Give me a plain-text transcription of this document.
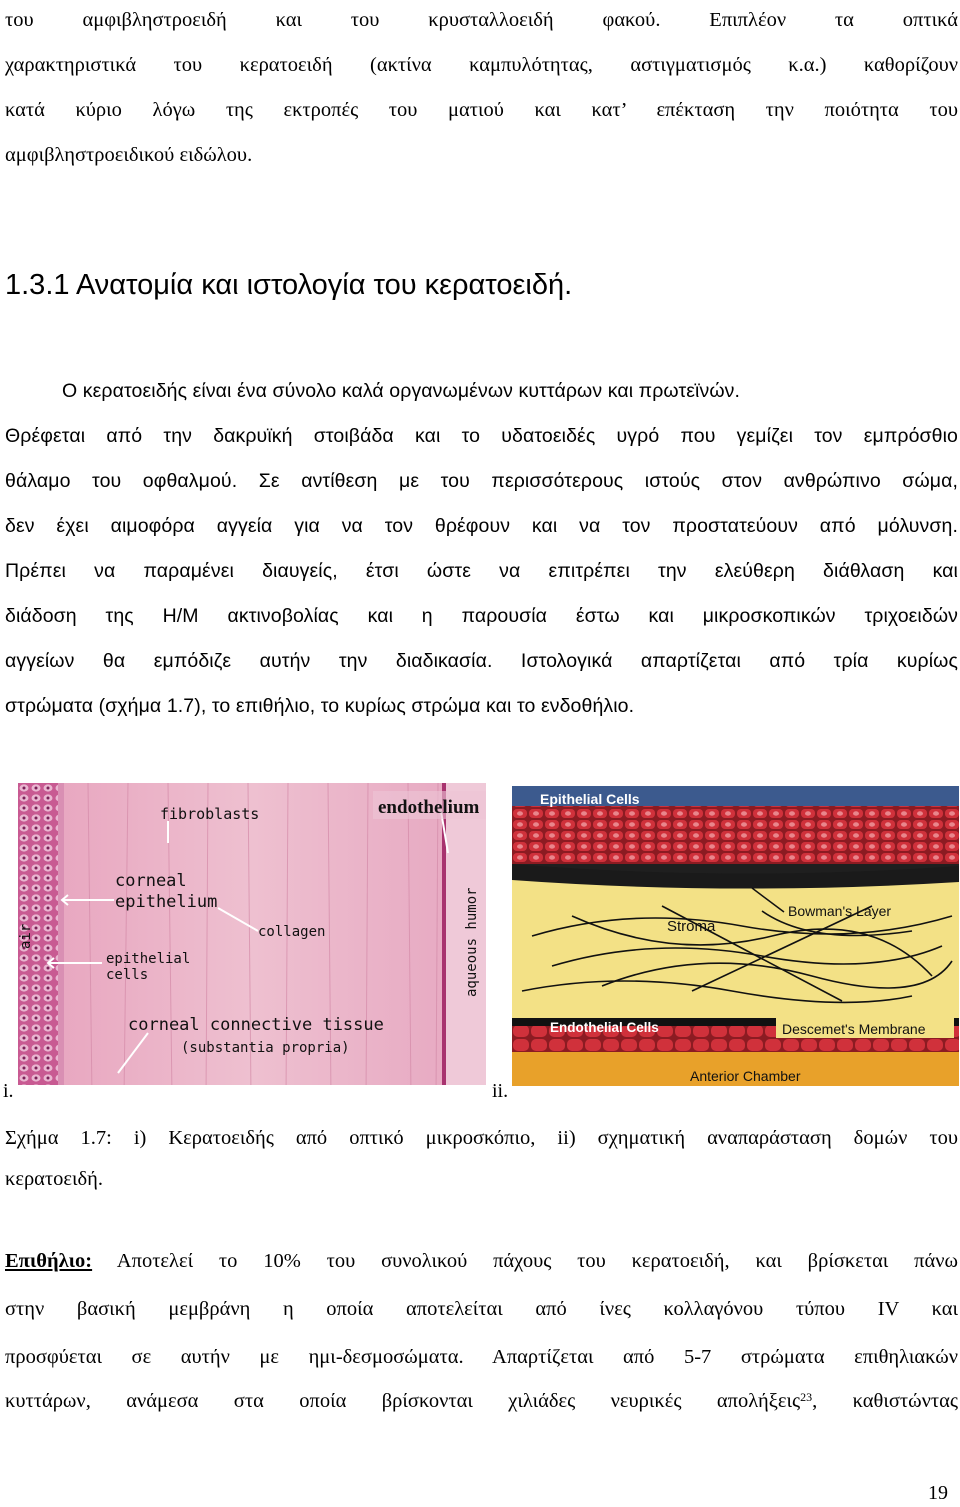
του αμφιβληστροειδή και του κρυσταλλοειδή φακού. Επιπλέον τα οπτικά
χαρακτηριστικά του κερατοειδή (ακτίνα καμπυλότητας, αστιγματισμός κ.α.) καθορίζουν
κατά κύριο λόγω της εκτροπές του ματιού και κατ’ επέκταση την ποιότητα του
αμφιβληστροειδικού ειδώλου.
1.3.1 Ανατομία και ιστολογία του κερατοειδή.
Ο κερατοειδής είναι ένα σύνολο καλά οργανωμένων κυττάρων και πρωτεϊνών.
Θρέφεται από την δακρυϊκή στοιβάδα και το υδατοειδές υγρό που γεμίζει τον εμπρόσθιο
θάλαμο του οφθαλμού. Σε αντίθεση με του περισσότερους ιστούς στον ανθρώπινο σώμα,
δεν έχει αιμοφόρα αγγεία για να τον θρέφουν και να τον προστατεύουν από μόλυνση.
Πρέπει να παραμένει διαυγείς, έτσι ώστε να επιτρέπει την ελεύθερη διάθλαση και
διάδοση της Η/Μ ακτινοβολίας και η παρουσία έστω και μικροσκοπικών τριχοειδών
αγγείων θα εμπόδιζε αυτήν την διαδικασία. Ιστολογικά απαρτίζεται από τρία κυρίως
στρώματα (σχήμα 1.7), το επιθήλιο, το κυρίως στρώμα και το ενδοθήλιο.
fibroblasts
corneal
epithelium
collagen
epithelial
cells
corneal connective tissue
(substantia propria)
air	aqueous humor
endothelium
i.
Epithelial Cells
Bowman's Layer
Stroma
Endothelial Cells	Descemet's Membrane
Anterior Chamber
ii.
Σχήμα 1.7: i) Κερατοειδής από οπτικό μικροσκόπιο, ii) σχηματική αναπαράσταση δομών του
κερατοειδή.
Επιθήλιο: Αποτελεί το 10% του συνολικού πάχους του κερατοειδή, και βρίσκεται πάνω
στην βασική μεμβράνη η οποία αποτελείται από ίνες κολλαγόνου τύπου IV και
προσφύεται σε αυτήν με ημι-δεσμοσώματα. Απαρτίζεται από 5-7 στρώματα επιθηλιακών
κυττάρων, ανάμεσα στα οποία βρίσκονται χιλιάδες νευρικές απολήξεις$^{23}$, καθιστώντας
19
